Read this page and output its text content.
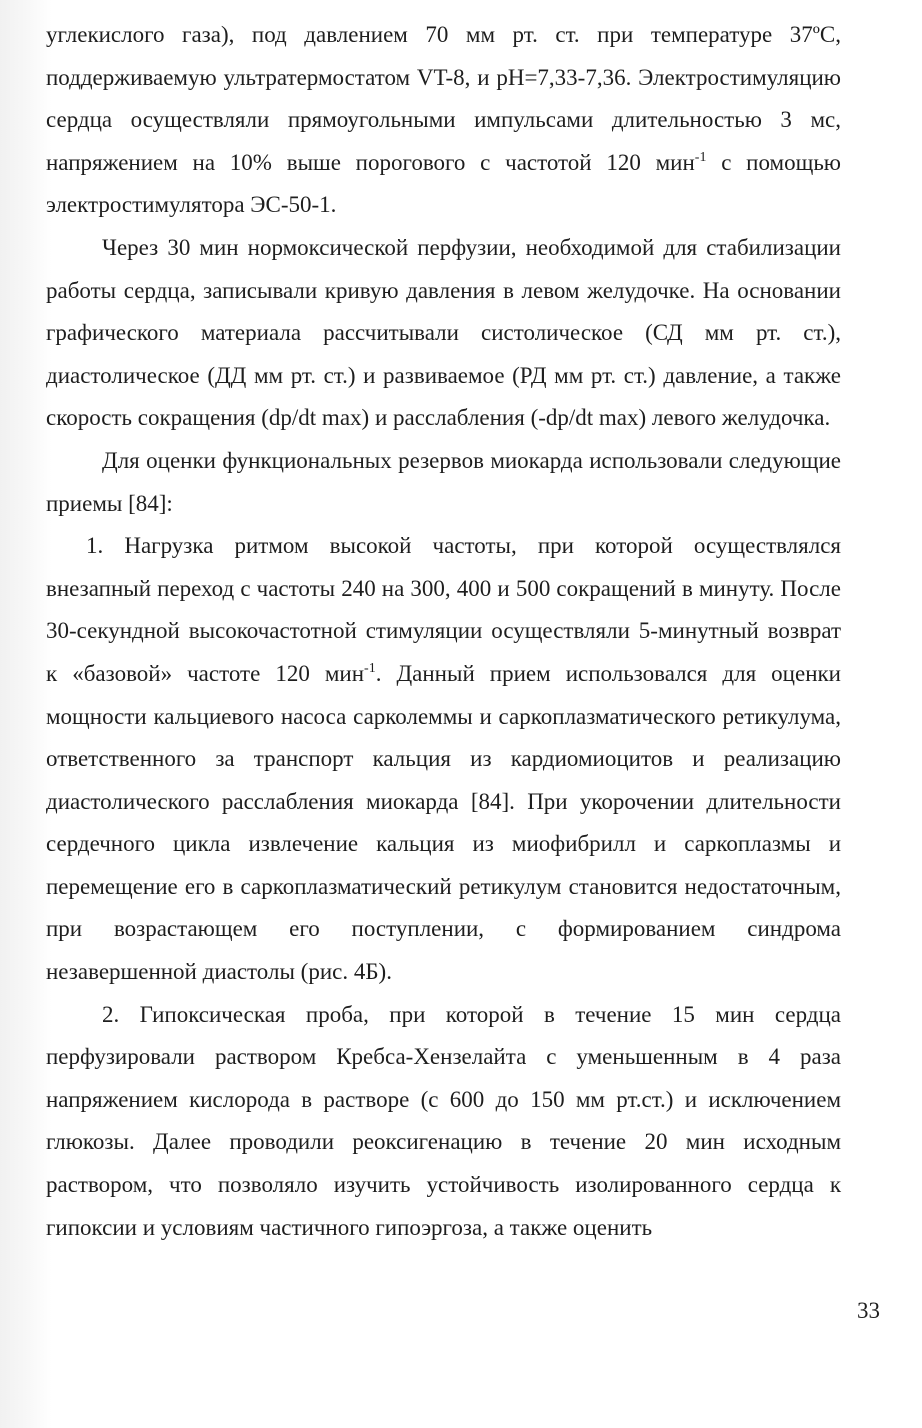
углекислого газа), под давлением 70 мм рт. ст. при температуре 37ºС, поддерживаемую ультратермостатом VT-8, и рН=7,33-7,36. Электростимуляцию сердца осуществляли прямоугольными импульсами длительностью 3 мс, напряжением на 10% выше порогового с частотой 120 мин$^{-1}$ с помощью электростимулятора ЭС-50-1.

Через 30 мин нормоксической перфузии, необходимой для стабилизации работы сердца, записывали кривую давления в левом желудочке. На основании графического материала рассчитывали систолическое (СД мм рт. ст.), диастолическое (ДД мм рт. ст.) и развиваемое (РД мм рт. ст.) давление, а также скорость сокращения (dp/dt max) и расслабления (-dp/dt max) левого желудочка.

Для оценки функциональных резервов миокарда использовали следующие приемы [84]:

1. Нагрузка ритмом высокой частоты, при которой осуществлялся внезапный переход с частоты 240 на 300, 400 и 500 сокращений в минуту. После 30-секундной высокочастотной стимуляции осуществляли 5-минутный возврат к «базовой» частоте 120 мин$^{-1}$. Данный прием использовался для оценки мощности кальциевого насоса сарколеммы и саркоплазматического ретикулума, ответственного за транспорт кальция из кардиомиоцитов и реализацию диастолического расслабления миокарда [84]. При укорочении длительности сердечного цикла извлечение кальция из миофибрилл и саркоплазмы и перемещение его в саркоплазматический ретикулум становится недостаточным, при возрастающем его поступлении, с формированием синдрома незавершенной диастолы (рис. 4Б).

2. Гипоксическая проба, при которой в течение 15 мин сердца перфузировали раствором Кребса-Хензелайта с уменьшенным в 4 раза напряжением кислорода в растворе (с 600 до 150 мм рт.ст.) и исключением глюкозы. Далее проводили реоксигенацию в течение 20 мин исходным раствором, что позволяло изучить устойчивость изолированного сердца к гипоксии и условиям частичного гипоэргоза, а также оценить

33
